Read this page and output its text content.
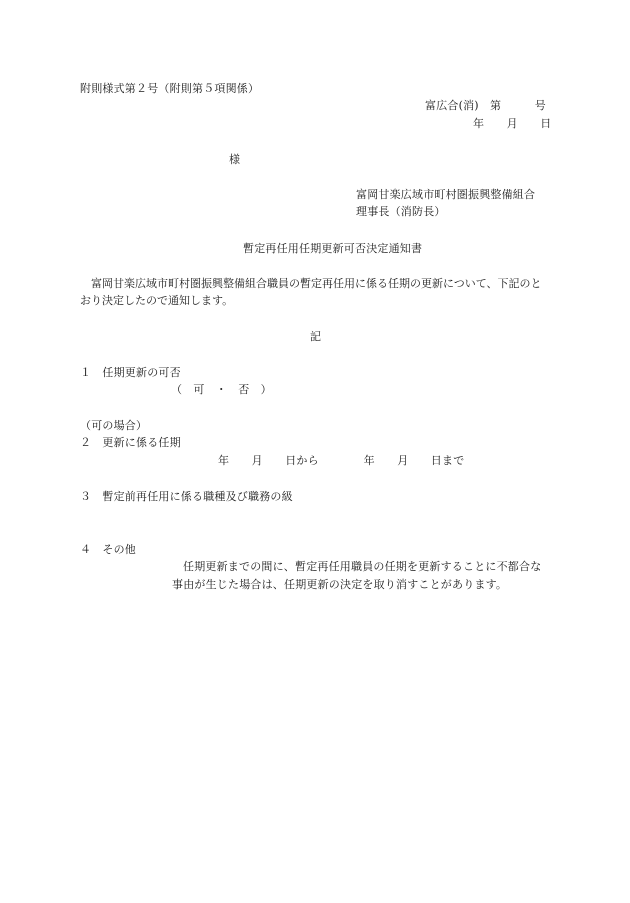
附則様式第２号（附則第５項関係）
富広合(消)　第　　　号
年　　月　　日
様
富岡甘楽広域市町村圏振興整備組合
理事長（消防長）
暫定再任用任期更新可否決定通知書
富岡甘楽広域市町村圏振興整備組合職員の暫定再任用に係る任期の更新について、下記のとおり決定したので通知します。
記
１　任期更新の可否
（　可　・　否　）
（可の場合）
２　更新に係る任期
年　　月　　日から　　　　年　　月　　日まで
３　暫定前再任用に係る職種及び職務の級
４　その他
任期更新までの間に、暫定再任用職員の任期を更新することに不都合な
事由が生じた場合は、任期更新の決定を取り消すことがあります。
